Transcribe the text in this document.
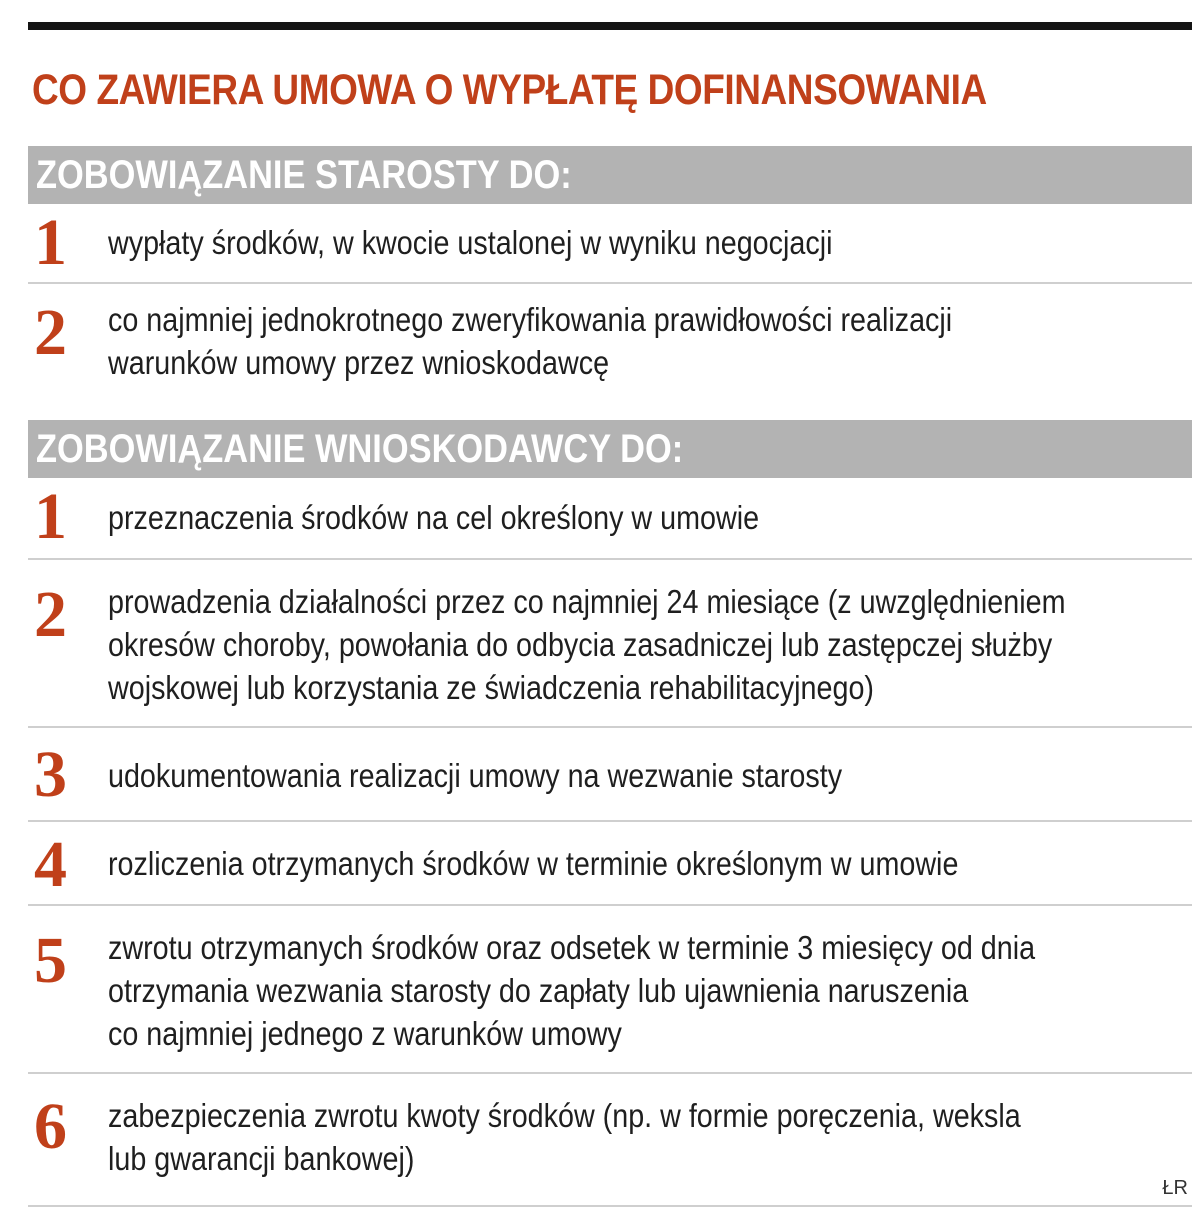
CO ZAWIERA UMOWA O WYPŁATĘ DOFINANSOWANIA
ZOBOWIĄZANIE STAROSTY DO:
1 wypłaty środków, w kwocie ustalonej w wyniku negocjacji
2 co najmniej jednokrotnego zweryfikowania prawidłowości realizacji
warunków umowy przez wnioskodawcę
ZOBOWIĄZANIE WNIOSKODAWCY DO:
1 przeznaczenia środków na cel określony w umowie
2 prowadzenia działalności przez co najmniej 24 miesiące (z uwzględnieniem
okresów choroby, powołania do odbycia zasadniczej lub zastępczej służby
wojskowej lub korzystania ze świadczenia rehabilitacyjnego)
3 udokumentowania realizacji umowy na wezwanie starosty
4 rozliczenia otrzymanych środków w terminie określonym w umowie
5 zwrotu otrzymanych środków oraz odsetek w terminie 3 miesięcy od dnia
otrzymania wezwania starosty do zapłaty lub ujawnienia naruszenia
co najmniej jednego z warunków umowy
6 zabezpieczenia zwrotu kwoty środków (np. w formie poręczenia, weksla
lub gwarancji bankowej)
ŁR
